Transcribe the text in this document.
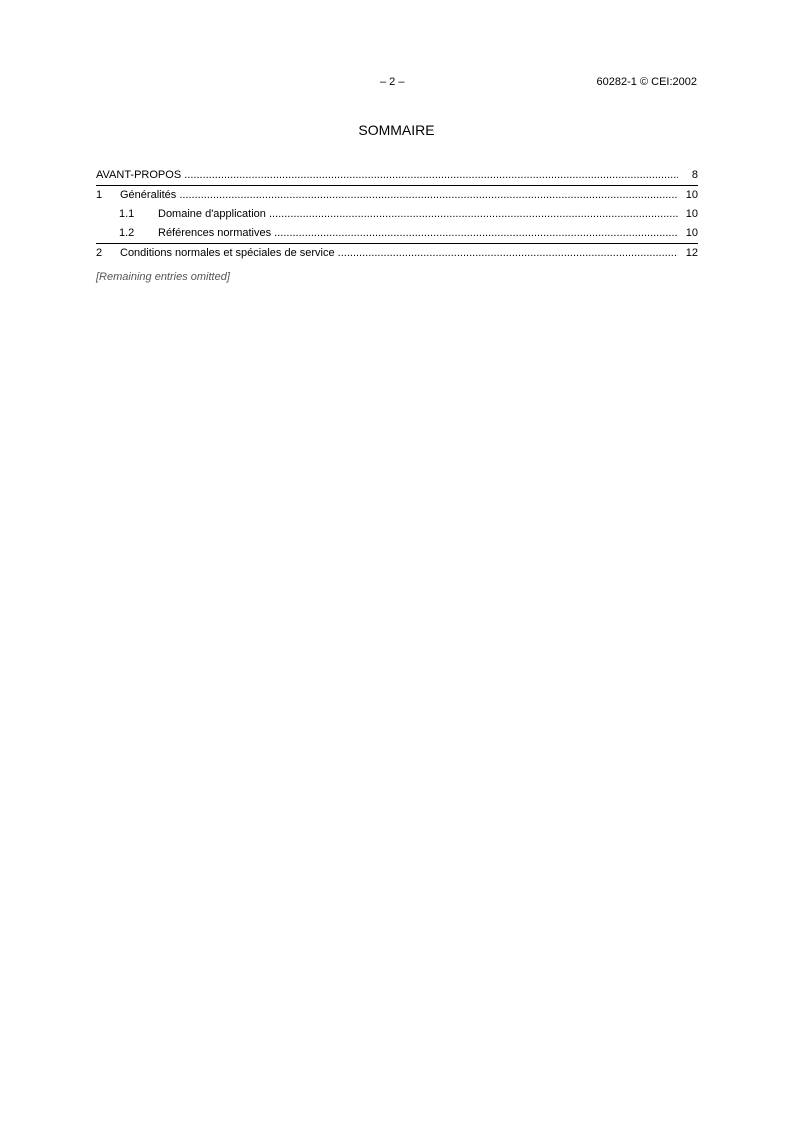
– 2 –	60282-1 © CEI:2002
SOMMAIRE
AVANT-PROPOS .....	8
1 Généralités .....	10
1.1 Domaine d'application .....	10
1.2 Références normatives .....	10
2 Conditions normales et spéciales de service .....	12
[Remaining entries omitted]
